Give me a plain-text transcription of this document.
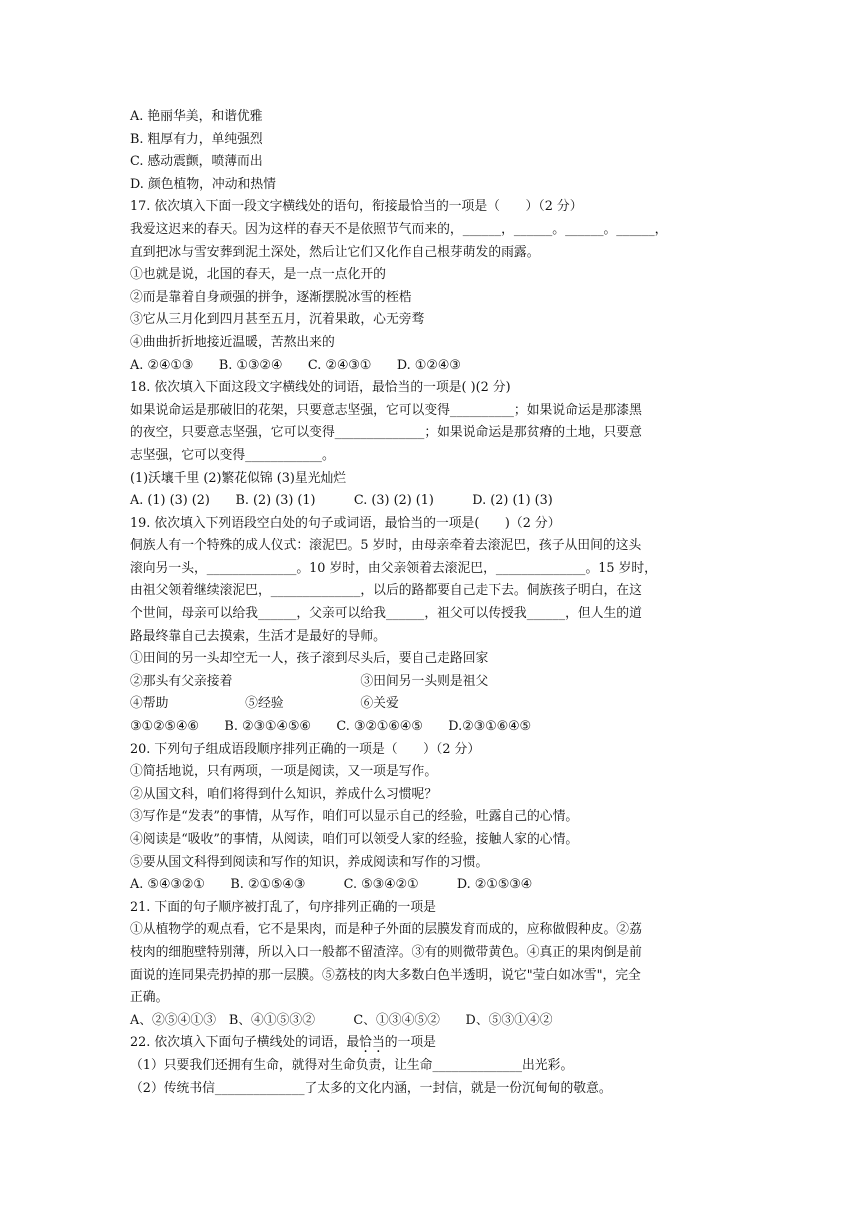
A. 艳丽华美，和谐优雅
B. 粗厚有力，单纯强烈
C. 感动震颤，喷薄而出
D. 颜色植物，冲动和热情
17. 依次填入下面一段文字横线处的语句，衔接最恰当的一项是（　　）（2 分）
我爱这迟来的春天。因为这样的春天不是依照节气而来的，______，______。______。______，
直到把冰与雪安葬到泥土深处，然后让它们又化作自己根芽萌发的雨露。
①也就是说，北国的春天，是一点一点化开的
②而是靠着自身顽强的拼争，逐渐摆脱冰雪的桎梏
③它从三月化到四月甚至五月，沉着果敢，心无旁骛
④曲曲折折地接近温暖，苦熬出来的
A. ②④①③　　B. ①③②④　　C. ②④③①　　D. ①②④③
18. 依次填入下面这段文字横线处的词语，最恰当的一项是( )(2 分)
如果说命运是那破旧的花架，只要意志坚强，它可以变得__________；如果说命运是那漆黑
的夜空，只要意志坚强，它可以变得______________；如果说命运是那贫瘠的土地，只要意
志坚强，它可以变得____________。
(1)沃壤千里 (2)繁花似锦 (3)星光灿烂
A. (1) (3) (2)　　B. (2) (3) (1)　　　C. (3) (2) (1)　　　D. (2) (1) (3)
19. 依次填入下列语段空白处的句子或词语，最恰当的一项是(　　)（2 分）
侗族人有一个特殊的成人仪式：滚泥巴。5 岁时，由母亲牵着去滚泥巴，孩子从田间的这头
滚向另一头，______________。10 岁时，由父亲领着去滚泥巴，______________。15 岁时，
由祖父领着继续滚泥巴，______________，以后的路都要自己走下去。侗族孩子明白，在这
个世间，母亲可以给我______，父亲可以给我______，祖父可以传授我______，但人生的道
路最终靠自己去摸索，生活才是最好的导师。
①田间的另一头却空无一人，孩子滚到尽头后，要自己走路回家
②那头有父亲接着　　　　　　　　　　③田间另一头则是祖父
④帮助　　　　　　⑤经验　　　　　　⑥关爱
③①②⑤④⑥　　B. ②③①④⑤⑥　　C. ③②①⑥④⑤　　D.②③①⑥④⑤
20. 下列句子组成语段顺序排列正确的一项是（　　）（2 分）
①简括地说，只有两项，一项是阅读，又一项是写作。
②从国文科，咱们将得到什么知识，养成什么习惯呢？
③写作是“发表”的事情，从写作，咱们可以显示自己的经验，吐露自己的心情。
④阅读是“吸收”的事情，从阅读，咱们可以领受人家的经验，接触人家的心情。
⑤要从国文科得到阅读和写作的知识，养成阅读和写作的习惯。
A. ⑤④③②①　　B. ②①⑤④③　　　C. ⑤③④②①　　　D. ②①⑤③④
21. 下面的句子顺序被打乱了，句序排列正确的一项是
①从植物学的观点看，它不是果肉，而是种子外面的层膜发育而成的，应称做假种皮。②荔
枝肉的细胞壁特别薄，所以入口一般都不留渣滓。③有的则微带黄色。④真正的果肉倒是前
面说的连同果壳扔掉的那一层膜。⑤荔枝的肉大多数白色半透明，说它"莹白如冰雪"，完全
正确。
A、②⑤④①③　B、④①⑤③②　　　C、①③④⑤②　　D、⑤③①④②
22. 依次填入下面句子横线处的词语，最恰当的一项是
（1）只要我们还拥有生命，就得对生命负责，让生命______________出光彩。
（2）传统书信______________了太多的文化内涵，一封信，就是一份沉甸甸的敬意。
